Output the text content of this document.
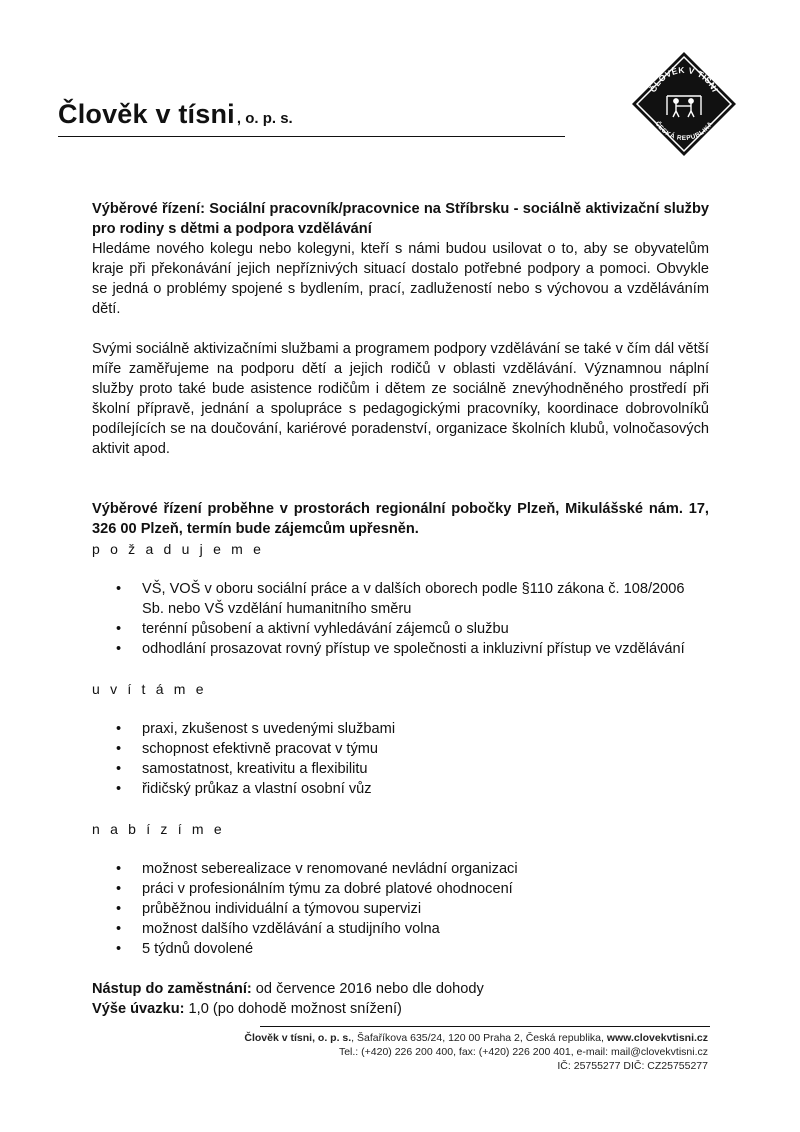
Člověk v tísni , o. p. s.
ČLOVĚK V TÍSNI
ČESKÁ REPUBLIKA

Výběrové řízení: Sociální pracovník/pracovnice na Stříbrsku - sociálně aktivizační služby pro rodiny s dětmi a podpora vzdělávání

Hledáme nového kolegu nebo kolegyni, kteří s námi budou usilovat o to, aby se obyvatelům kraje při překonávání jejich nepříznivých situací dostalo potřebné podpory a pomoci. Obvykle se jedná o problémy spojené s bydlením, prací, zadlužeností nebo s výchovou a vzděláváním dětí.

Svými sociálně aktivizačními službami a programem podpory vzdělávání se také v čím dál větší míře zaměřujeme na podporu dětí a jejich rodičů v oblasti vzdělávání. Významnou náplní služby proto také bude asistence rodičům i dětem ze sociálně znevýhodněného prostředí při školní přípravě, jednání a spolupráce s pedagogickými pracovníky, koordinace dobrovolníků podílejících se na doučování, kariérové poradenství, organizace školních klubů, volnočasových aktivit apod.

Výběrové řízení proběhne v prostorách regionální pobočky Plzeň, Mikulášské nám. 17, 326 00 Plzeň, termín bude zájemcům upřesněn.

p o ž a d u j e m e

• VŠ, VOŠ v oboru sociální práce a v dalších oborech podle §110 zákona č. 108/2006 Sb. nebo VŠ vzdělání humanitního směru
• terénní působení a aktivní vyhledávání zájemců o službu
• odhodlání prosazovat rovný přístup ve společnosti a inkluzivní přístup ve vzdělávání

u v í t á m e

• praxi, zkušenost s uvedenými službami
• schopnost efektivně pracovat v týmu
• samostatnost, kreativitu a flexibilitu
• řidičský průkaz a vlastní osobní vůz

n a b í z í m e

• možnost seberealizace v renomované nevládní organizaci
• práci v profesionálním týmu za dobré platové ohodnocení
• průběžnou individuální a týmovou supervizi
• možnost dalšího vzdělávání a studijního volna
• 5 týdnů dovolené

Nástup do zaměstnání: od července 2016 nebo dle dohody

Výše úvazku: 1,0 (po dohodě možnost snížení)

Člověk v tísni, o. p. s., Šafaříkova 635/24, 120 00 Praha 2, Česká republika, www.clovekvtisni.cz
Tel.: (+420) 226 200 400, fax: (+420) 226 200 401, e-mail: mail@clovekvtisni.cz
IČ: 25755277 DIČ: CZ25755277
